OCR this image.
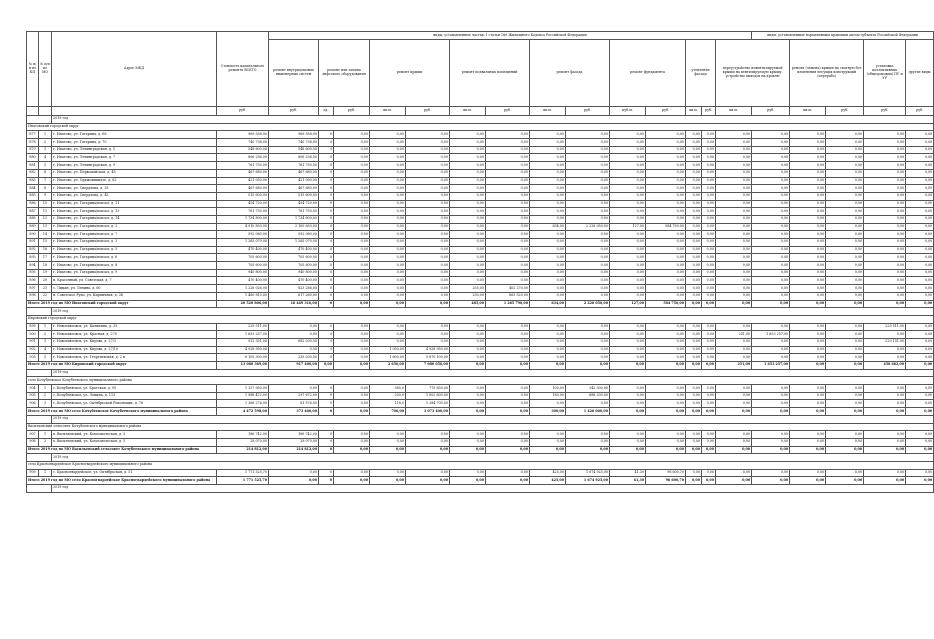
№ п/п по КП	№ п/п по МО	Адрес МКД	Стоимость капитального ремонта ВСЕГО	виды, установленные частью 1 статьи 166 Жилищного Кодекса Российской Федерации														виды, установленные нормативным правовым актом субъекта Российской Федерации				
				ремонт внутридомовых инженерных систем	ремонт или замена лифтового оборудования		ремонт крыши		ремонт подвальных помещений		ремонт фасада		ремонт фундамента		утепление фасада		переустройство невентилируемой крыши на вентилируемую крышу, устройство выходов на кровлю		ремонт (замена) крыши на скатную без изменения несущих конструкций (перерабо)		установка коллективных (общедомовых) ПУ и УУ	другие виды
			руб.	руб.	ед.	руб.	кв.м.	руб.	кв.м.	руб.	кв.м.	руб.	куб.м.	руб.	кв.м.	руб.	кв.м.	руб.	кв.м.	руб.	руб.	руб.
		2019 год																				
Ипатовский городской округ																						
877	1	г. Ипатово, ул. Гагарина, д. 68	969 558,00	969 558,00	0	0,00	0,00	0,00	0,00	0,00	0,00	0,00	0,00	0,00	0,00	0,00	0,00	0,00	0,00	0,00	0,00	0,00
878	2	г. Ипатово, ул. Гагарина, д. 70	740 738,00	740 738,00	0	0,00	0,00	0,00	0,00	0,00	0,00	0,00	0,00	0,00	0,00	0,00	0,00	0,00	0,00	0,00	0,00	0,00
879	3	г. Ипатово, ул. Ленинградская, д. 5	548 600,00	548 600,00	0	0,00	0,00	0,00	0,00	0,00	0,00	0,00	0,00	0,00	0,00	0,00	0,00	0,00	0,00	0,00	0,00	0,00
880	4	г. Ипатово, ул. Ленинградская, д. 7	806 256,00	806 256,00	0	0,00	0,00	0,00	0,00	0,00	0,00	0,00	0,00	0,00	0,00	0,00	0,00	0,00	0,00	0,00	0,00	0,00
881	5	г. Ипатово, ул. Ленинградская, д. 9	761 750,00	761 750,00	0	0,00	0,00	0,00	0,00	0,00	0,00	0,00	0,00	0,00	0,00	0,00	0,00	0,00	0,00	0,00	0,00	0,00
882	6	г. Ипатово, ул. Первомайская, д. 48	467 680,00	467 680,00	0	0,00	0,00	0,00	0,00	0,00	0,00	0,00	0,00	0,00	0,00	0,00	0,00	0,00	0,00	0,00	0,00	0,00
883	7	г. Ипатово, ул. Орджоникидзе, д. 62	421 050,00	421 050,00	0	0,00	0,00	0,00	0,00	0,00	0,00	0,00	0,00	0,00	0,00	0,00	0,00	0,00	0,00	0,00	0,00	0,00
884	8	г. Ипатово, ул. Свердлова, д. 35	467 680,00	467 680,00	0	0,00	0,00	0,00	0,00	0,00	0,00	0,00	0,00	0,00	0,00	0,00	0,00	0,00	0,00	0,00	0,00	0,00
885	9	г. Ипатово, ул. Свердлова, д. 45	515 600,00	515 600,00	0	0,00	0,00	0,00	0,00	0,00	0,00	0,00	0,00	0,00	0,00	0,00	0,00	0,00	0,00	0,00	0,00	0,00
886	10	г. Ипатово, ул. Гагарина/вокзал, д. 11	454 720,00	454 720,00	0	0,00	0,00	0,00	0,00	0,00	0,00	0,00	0,00	0,00	0,00	0,00	0,00	0,00	0,00	0,00	0,00	0,00
887	11	г. Ипатово, ул. Гагарина/вокзал, д. 13	761 750,00	761 750,00	0	0,00	0,00	0,00	0,00	0,00	0,00	0,00	0,00	0,00	0,00	0,00	0,00	0,00	0,00	0,00	0,00	0,00
888	12	г. Ипатово, ул. Гагарина/вокзал, д. 14	1 734 800,00	1 734 800,00	0	0,00	0,00	0,00	0,00	0,00	0,00	0,00	0,00	0,00	0,00	0,00	0,00	0,00	0,00	0,00	0,00	0,00
889	13	г. Ипатово, ул. Гагарина/вокзал, д. 2	4 910 850,00	2 100 650,00	0	0,00	0,00	0,00	0,00	0,00	634,00	2 226 050,00	127,00	584 750,00	0,00	0,00	0,00	0,00	0,00	0,00	0,00	0,00
890	14	г. Ипатово, ул. Гагарина/вокзал, д. 7	592 080,00	592 080,00	0	0,00	0,00	0,00	0,00	0,00	0,00	0,00	0,00	0,00	0,00	0,00	0,00	0,00	0,00	0,00	0,00	0,00
891	15	г. Ипатово, ул. Гагарина/вокзал, д. 3	1 265 070,00	1 265 070,00	0	0,00	0,00	0,00	0,00	0,00	0,00	0,00	0,00	0,00	0,00	0,00	0,00	0,00	0,00	0,00	0,00	0,00
892	16	г. Ипатово, ул. Гагарина/вокзал, д. 5	470 400,00	470 400,00	0	0,00	0,00	0,00	0,00	0,00	0,00	0,00	0,00	0,00	0,00	0,00	0,00	0,00	0,00	0,00	0,00	0,00
893	17	г. Ипатово, ул. Гагарина/вокзал, д. 6	705 600,00	705 600,00	0	0,00	0,00	0,00	0,00	0,00	0,00	0,00	0,00	0,00	0,00	0,00	0,00	0,00	0,00	0,00	0,00	0,00
894	18	г. Ипатово, ул. Гагарина/вокзал, д. 8	705 600,00	705 600,00	0	0,00	0,00	0,00	0,00	0,00	0,00	0,00	0,00	0,00	0,00	0,00	0,00	0,00	0,00	0,00	0,00	0,00
895	19	г. Ипатово, ул. Гагарина/вокзал, д. 9	940 800,00	940 800,00	0	0,00	0,00	0,00	0,00	0,00	0,00	0,00	0,00	0,00	0,00	0,00	0,00	0,00	0,00	0,00	0,00	0,00
896	20	п. Красочный, ул. Советская, д. 7	470 400,00	470 400,00	0	0,00	0,00	0,00	0,00	0,00	0,00	0,00	0,00	0,00	0,00	0,00	0,00	0,00	0,00	0,00	0,00	0,00
897	21	с. Лиман, ул. Ленина, д. 60	1 226 026,00	823 286,00	0	0,00	0,00	0,00	255,00	402 270,00	0,00	0,00	0,00	0,00	0,00	0,00	0,00	0,00	0,00	0,00	0,00	0,00
898	22	п. Советское Руно, ул. Кирпичная, д. 36	1 480 810,00	617 260,00	0	0,00	0,00	0,00	230,00	863 520,00	0,00	0,00	0,00	0,00	0,00	0,00	0,00	0,00	0,00	0,00	0,00	0,00
Итого 2019 год по МО Ипатовский городской округ			20 520 806,00	16 449 316,00	0	0,00	0,00	0,00	485,00	1 265 790,00	634,00	2 226 050,00	127,00	584 750,00	0,00	0,00	0,00	0,00	0,00	0,00	0,00	0,00
		2019 год																				
Кировский городской округ																						
899	1	г. Новопавловск, ул. Калинина, д. 33	229 511,00	0,00	0	0,00	0,00	0,00	0,00	0,00	0,00	0,00	0,00	0,00	0,00	0,00	0,00	0,00	0,00	0,00	229 511,00	0,00
900	2	г. Новопавловск, ул. Красная, д. 275	1 653 257,00	0,00	0	0,00	0,00	0,00	0,00	0,00	0,00	0,00	0,00	0,00	0,00	0,00	251,00	1 653 257,00	0,00	0,00	0,00	0,00
901	3	г. Новопавловск, ул. Кирова, д. 27/3	912 351,00	682 200,00	0	0,00	0,00	0,00	0,00	0,00	0,00	0,00	0,00	0,00	0,00	0,00	0,00	0,00	0,00	0,00	229 151,00	0,00
902	4	г. Новопавловск, ул. Кирова, д. 27/10	4 928 950,00	0,00	0	0,00	1 050,00	4 928 950,00	0,00	0,00	0,00	0,00	0,00	0,00	0,00	0,00	0,00	0,00	0,00	0,00	0,00	0,00
903	5	г. Новопавловск, ул. Георгиевская, д. 2 к	6 105 300,00	235 200,00	0	0,00	1 600,00	5 870 100,00	0,00	0,00	0,00	0,00	0,00	0,00	0,00	0,00	0,00	0,00	0,00	0,00	0,00	0,00
Итого 2019 год по МО Кировский городской округ			13 080 369,00	917 400,00	0,00	0,00	2 650,00	7 080 050,00	0,00	0,00	0,00	0,00	0,00	0,00	0,00	0,00	251,00	1 653 257,00	0,00	0,00	458 662,00	0,00
		2019 год																				
село Кочубеевское Кочубеевского муниципального района																						
904	1	с. Кочубеевское, ул. Братская, д. 95	1 127 950,00	0,00	0	0,00	385,0	775 650,00	0,00	0,00	100,00	342 300,00	0,00	0,00	0,00	0,00	0,00	0,00	0,00	0,00	0,00	0,00
905	2	с. Кочубеевское, ул. Ленина, д. 113	1 988 472,00	297 672,00	0	0,00	203,0	1 002 600,00	0,00	0,00	180,00	688 200,00	0,00	0,00	0,00	0,00	0,00	0,00	0,00	0,00	0,00	0,00
906	3	с. Кочубеевское, ул. Октябрьской Революции, д. 76	1 366 276,00	81 576,00	0	0,00	118,0	1 284 700,00	0,00	0,00	0,00	0,00	0,00	0,00	0,00	0,00	0,00	0,00	0,00	0,00	0,00	0,00
Итого 2019 год по МО село Кочубеевское Кочубеевского муниципального района			4 472 598,00	373 400,00	0	0,00	706,00	3 073 400,00	0,00	0,00	300,00	1 426 000,00	0,00	0,00	0,00	0,00	0,00	0,00	0,00	0,00	0,00	0,00
		2019 год																				
Васильевский сельсовет Кочубеевского муниципального района																						
907	1	х. Васильевский, ул. Комсомольская, д. 3	186 742,00	186 742,00	0	0,00	0,00	0,00	0,00	0,00	0,00	0,00	0,00	0,00	0,00	0,00	0,00	0,00	0,00	0,00	0,00	0,00
908	2	х. Васильевский, ул. Комсомольская, д. 5	28 070,00	28 070,00	0	0,00	0,00	0,00	0,00	0,00	0,00	0,00	0,00	0,00	0,00	0,00	0,00	0,00	0,00	0,00	0,00	0,00
Итого 2019 год по МО Васильевский сельсовет Кочубеевского муниципального района			214 812,00	214 812,00	0	0,00	0,00	0,00	0,00	0,00	0,00	0,00	0,00	0,00	0,00	0,00	0,00	0,00	0,00	0,00	0,00	0,00
		2019 год																				
село Красногвардейское Красногвардейского муниципального района																						
909	1	с. Красногвардейское, ул. Октябрьская, д. 51	1 771 525,70	0,00	0	0,00	0,00	0,00	0,00	0,00	425,00	1 674 925,00	41,30	96 600,70	0,00	0,00	0,00	0,00	0,00	0,00	0,00	0,00
Итого 2019 год по МО село Красногвардейское Красногвардейского муниципального района			1 771 525,70	0,00	0	0,00	0,00	0,00	0,00	0,00	425,00	1 674 925,00	41,30	96 600,70	0,00	0,00	0,00	0,00	0,00	0,00	0,00	0,00
		2019 год																				
